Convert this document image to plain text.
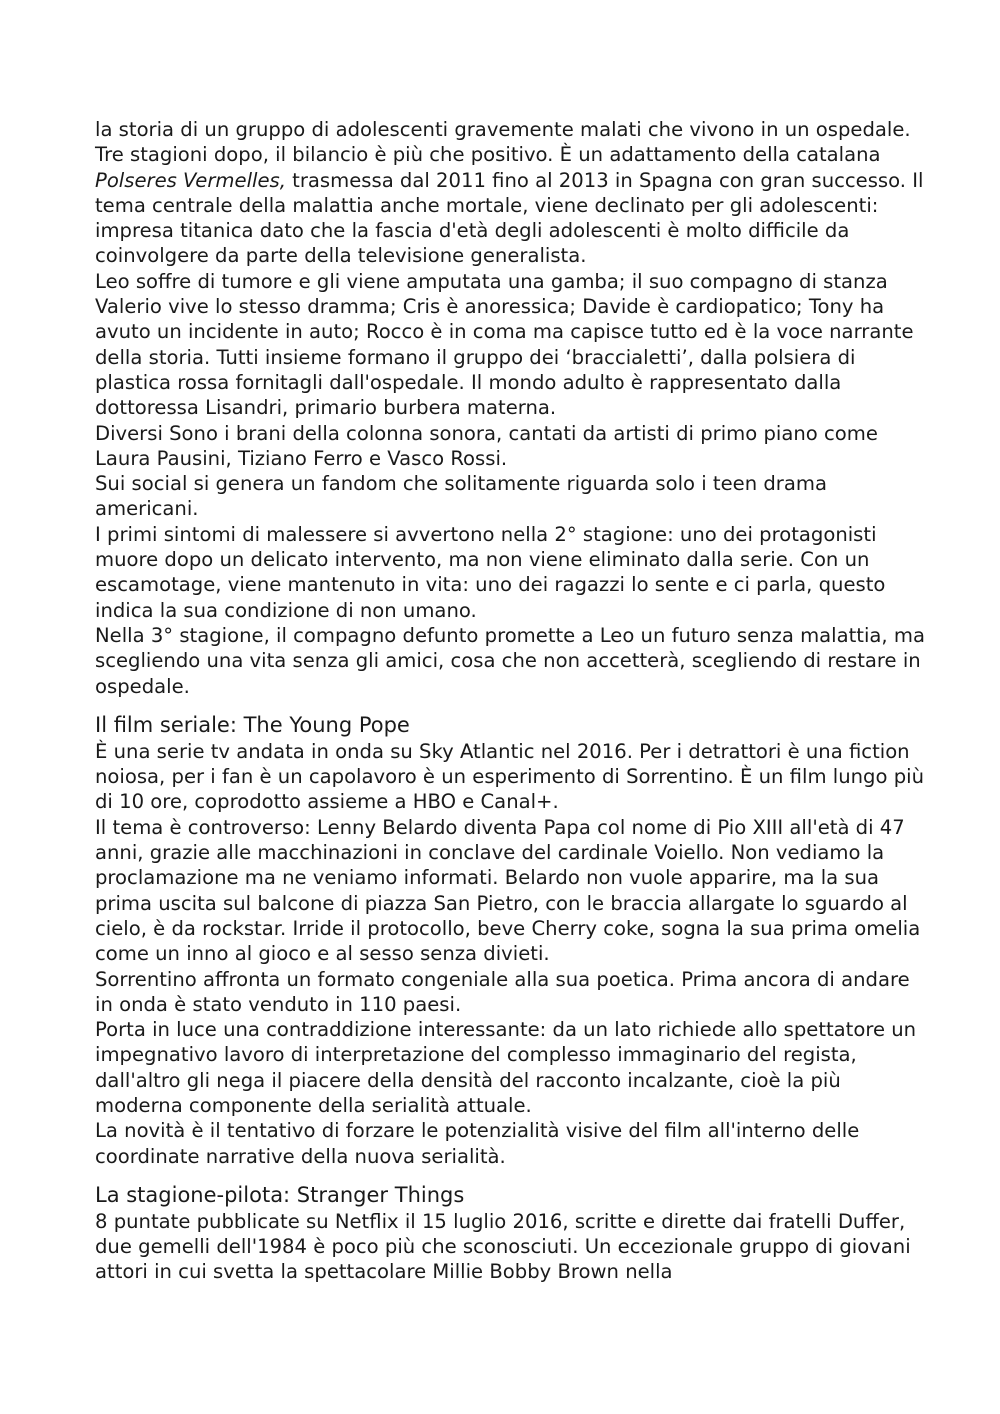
la storia di un gruppo di adolescenti gravemente malati che vivono in un ospedale. Tre stagioni dopo, il bilancio è più che positivo. È un adattamento della catalana Polseres Vermelles, trasmessa dal 2011 fino al 2013 in Spagna con gran successo. Il tema centrale della malattia anche mortale, viene declinato per gli adolescenti: impresa titanica dato che la fascia d'età degli adolescenti è molto difficile da coinvolgere da parte della televisione generalista.

Leo soffre di tumore e gli viene amputata una gamba; il suo compagno di stanza Valerio vive lo stesso dramma; Cris è anoressica; Davide è cardiopatico; Tony ha avuto un incidente in auto; Rocco è in coma ma capisce tutto ed è la voce narrante della storia. Tutti insieme formano il gruppo dei ‘braccialetti’, dalla polsiera di plastica rossa fornitagli dall'ospedale. Il mondo adulto è rappresentato dalla dottoressa Lisandri, primario burbera materna.

Diversi Sono i brani della colonna sonora, cantati da artisti di primo piano come Laura Pausini, Tiziano Ferro e Vasco Rossi.

Sui social si genera un fandom che solitamente riguarda solo i teen drama americani.

I primi sintomi di malessere si avvertono nella 2° stagione: uno dei protagonisti muore dopo un delicato intervento, ma non viene eliminato dalla serie. Con un escamotage, viene mantenuto in vita: uno dei ragazzi lo sente e ci parla, questo indica la sua condizione di non umano.

Nella 3° stagione, il compagno defunto promette a Leo un futuro senza malattia, ma scegliendo una vita senza gli amici, cosa che non accetterà, scegliendo di restare in ospedale.

Il film seriale: The Young Pope

È una serie tv andata in onda su Sky Atlantic nel 2016. Per i detrattori è una fiction noiosa, per i fan è un capolavoro è un esperimento di Sorrentino. È un film lungo più di 10 ore, coprodotto assieme a HBO e Canal+.

Il tema è controverso: Lenny Belardo diventa Papa col nome di Pio XIII all'età di 47 anni, grazie alle macchinazioni in conclave del cardinale Voiello. Non vediamo la proclamazione ma ne veniamo informati. Belardo non vuole apparire, ma la sua prima uscita sul balcone di piazza San Pietro, con le braccia allargate lo sguardo al cielo, è da rockstar. Irride il protocollo, beve Cherry coke, sogna la sua prima omelia come un inno al gioco e al sesso senza divieti.

Sorrentino affronta un formato congeniale alla sua poetica. Prima ancora di andare in onda è stato venduto in 110 paesi.

Porta in luce una contraddizione interessante: da un lato richiede allo spettatore un impegnativo lavoro di interpretazione del complesso immaginario del regista, dall'altro gli nega il piacere della densità del racconto incalzante, cioè la più moderna componente della serialità attuale.

La novità è il tentativo di forzare le potenzialità visive del film all'interno delle coordinate narrative della nuova serialità.

La stagione-pilota: Stranger Things

8 puntate pubblicate su Netflix il 15 luglio 2016, scritte e dirette dai fratelli Duffer, due gemelli dell'1984 è poco più che sconosciuti. Un eccezionale gruppo di giovani attori in cui svetta la spettacolare Millie Bobby Brown nella
